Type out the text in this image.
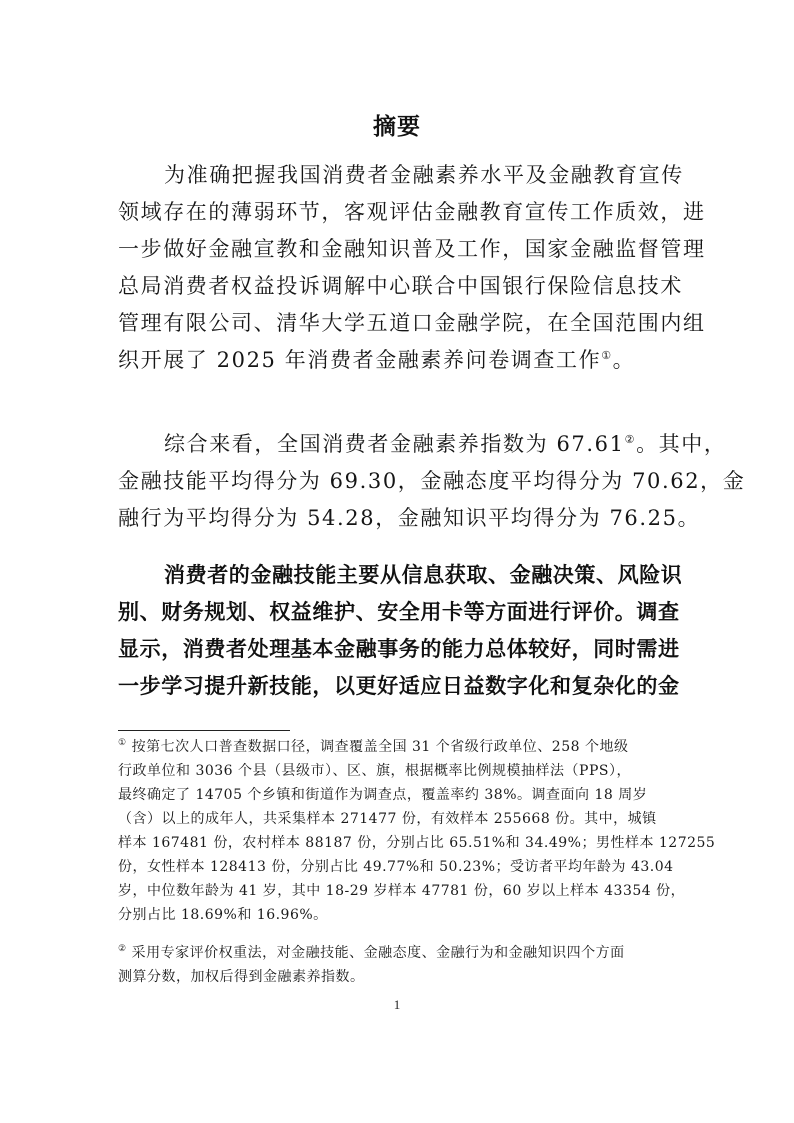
摘要
为准确把握我国消费者金融素养水平及金融教育宣传
领域存在的薄弱环节，客观评估金融教育宣传工作质效，进
一步做好金融宣教和金融知识普及工作，国家金融监督管理
总局消费者权益投诉调解中心联合中国银行保险信息技术
管理有限公司、清华大学五道口金融学院，在全国范围内组
织开展了 2025 年消费者金融素养问卷调查工作①。
综合来看，全国消费者金融素养指数为 67.61②。其中，
金融技能平均得分为 69.30，金融态度平均得分为 70.62，金
融行为平均得分为 54.28，金融知识平均得分为 76.25。
消费者的金融技能主要从信息获取、金融决策、风险识
别、财务规划、权益维护、安全用卡等方面进行评价。调查
显示，消费者处理基本金融事务的能力总体较好，同时需进
一步学习提升新技能，以更好适应日益数字化和复杂化的金
① 按第七次人口普查数据口径，调查覆盖全国 31 个省级行政单位、258 个地级
行政单位和 3036 个县（县级市）、区、旗，根据概率比例规模抽样法（PPS），
最终确定了 14705 个乡镇和街道作为调查点，覆盖率约 38%。调查面向 18 周岁
（含）以上的成年人，共采集样本 271477 份，有效样本 255668 份。其中，城镇
样本 167481 份，农村样本 88187 份，分别占比 65.51%和 34.49%；男性样本 127255
份，女性样本 128413 份，分别占比 49.77%和 50.23%；受访者平均年龄为 43.04
岁，中位数年龄为 41 岁，其中 18-29 岁样本 47781 份，60 岁以上样本 43354 份，
分别占比 18.69%和 16.96%。
② 采用专家评价权重法，对金融技能、金融态度、金融行为和金融知识四个方面
测算分数，加权后得到金融素养指数。
1
